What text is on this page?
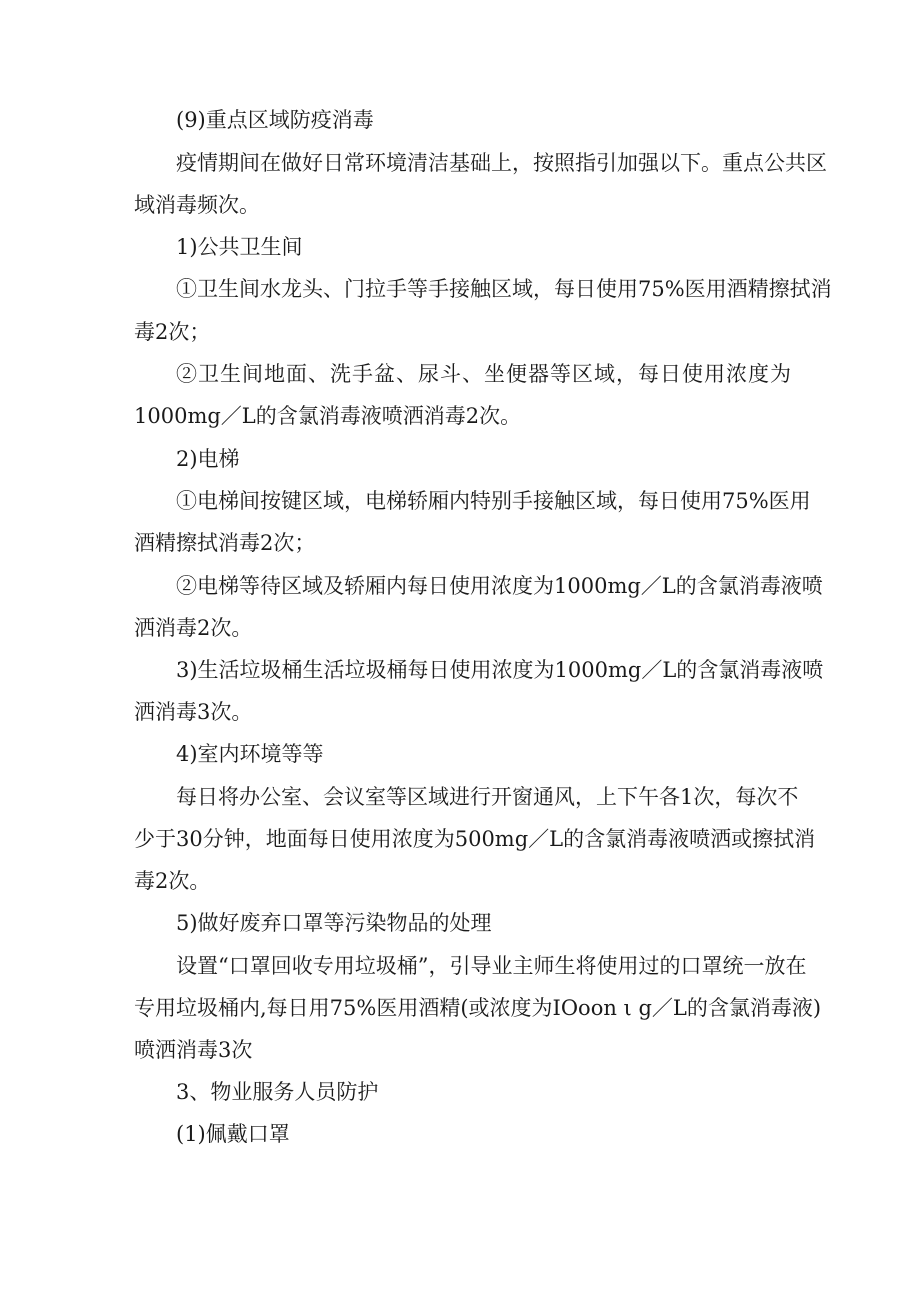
(9)重点区域防疫消毒
疫情期间在做好日常环境清洁基础上，按照指引加强以下。重点公共区
域消毒频次。
1)公共卫生间
①卫生间水龙头、门拉手等手接触区域，每日使用75%医用酒精擦拭消
毒2次；
②卫生间地面、洗手盆、尿斗、坐便器等区域，每日使用浓度为
1000mg／L的含氯消毒液喷洒消毒2次。
2)电梯
①电梯间按键区域，电梯轿厢内特别手接触区域，每日使用75%医用
酒精擦拭消毒2次；
②电梯等待区域及轿厢内每日使用浓度为1000mg／L的含氯消毒液喷
洒消毒2次。
3)生活垃圾桶生活垃圾桶每日使用浓度为1000mg／L的含氯消毒液喷
洒消毒3次。
4)室内环境等等
每日将办公室、会议室等区域进行开窗通风，上下午各1次，每次不
少于30分钟，地面每日使用浓度为500mg／L的含氯消毒液喷洒或擦拭消
毒2次。
5)做好废弃口罩等污染物品的处理
设置“口罩回收专用垃圾桶”，引导业主师生将使用过的口罩统一放在
专用垃圾桶内,每日用75%医用酒精(或浓度为IOoon ι g／L的含氯消毒液)
喷洒消毒3次
3、物业服务人员防护
(1)佩戴口罩
